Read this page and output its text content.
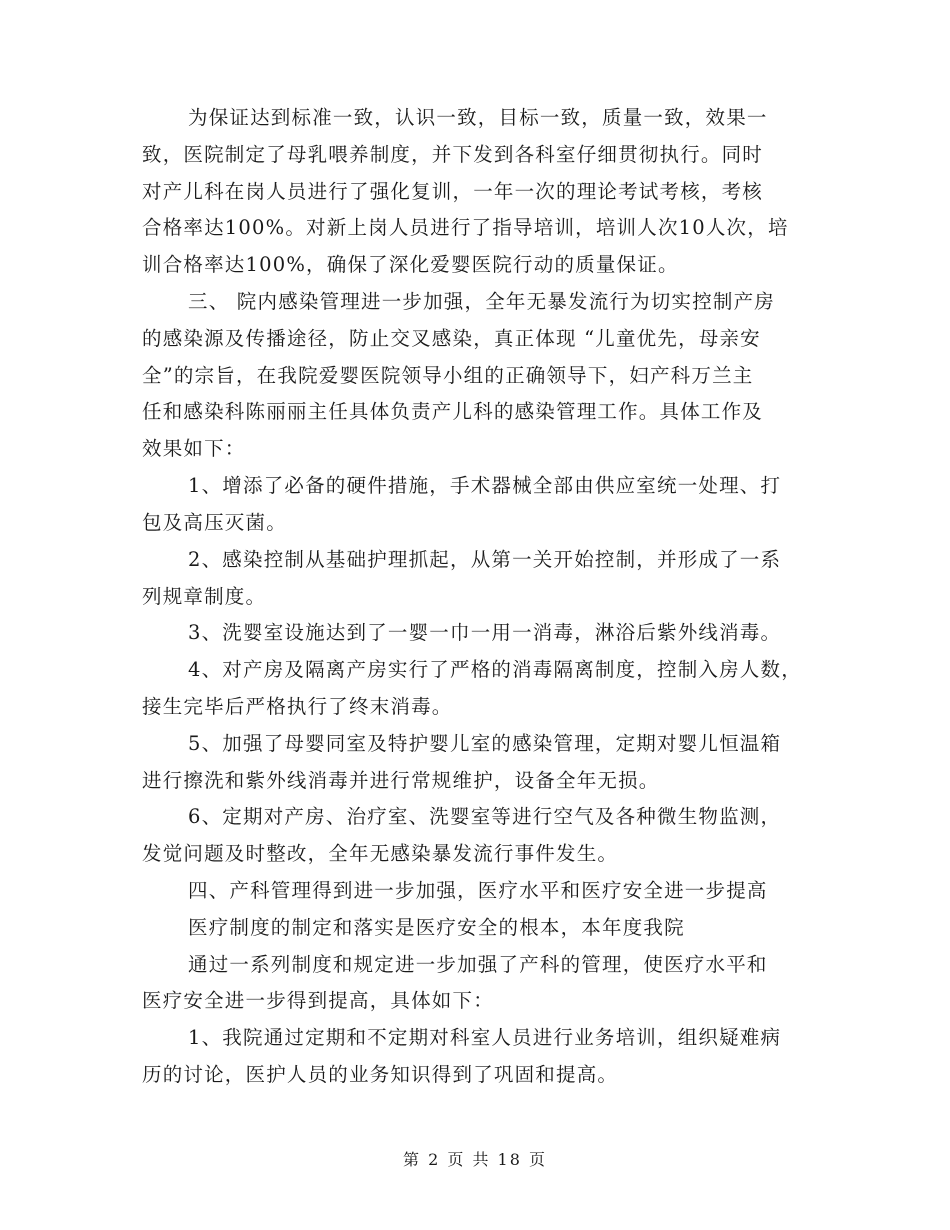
为保证达到标准一致，认识一致，目标一致，质量一致，效果一
致，医院制定了母乳喂养制度，并下发到各科室仔细贯彻执行。同时
对产儿科在岗人员进行了强化复训，一年一次的理论考试考核，考核
合格率达100%。对新上岗人员进行了指导培训，培训人次10人次，培
训合格率达100%，确保了深化爱婴医院行动的质量保证。
三、 院内感染管理进一步加强，全年无暴发流行为切实控制产房
的感染源及传播途径，防止交叉感染，真正体现 “儿童优先，母亲安
全”的宗旨，在我院爱婴医院领导小组的正确领导下，妇产科万兰主
任和感染科陈丽丽主任具体负责产儿科的感染管理工作。具体工作及
效果如下：
1、增添了必备的硬件措施，手术器械全部由供应室统一处理、打
包及高压灭菌。
2、感染控制从基础护理抓起，从第一关开始控制，并形成了一系
列规章制度。
3、洗婴室设施达到了一婴一巾一用一消毒，淋浴后紫外线消毒。
4、对产房及隔离产房实行了严格的消毒隔离制度，控制入房人数，
接生完毕后严格执行了终末消毒。
5、加强了母婴同室及特护婴儿室的感染管理，定期对婴儿恒温箱
进行擦洗和紫外线消毒并进行常规维护，设备全年无损。
6、定期对产房、治疗室、洗婴室等进行空气及各种微生物监测，
发觉问题及时整改，全年无感染暴发流行事件发生。
四、产科管理得到进一步加强，医疗水平和医疗安全进一步提高
医疗制度的制定和落实是医疗安全的根本，本年度我院
通过一系列制度和规定进一步加强了产科的管理，使医疗水平和
医疗安全进一步得到提高，具体如下：
1、我院通过定期和不定期对科室人员进行业务培训，组织疑难病
历的讨论，医护人员的业务知识得到了巩固和提高。
第 2 页 共 18 页
